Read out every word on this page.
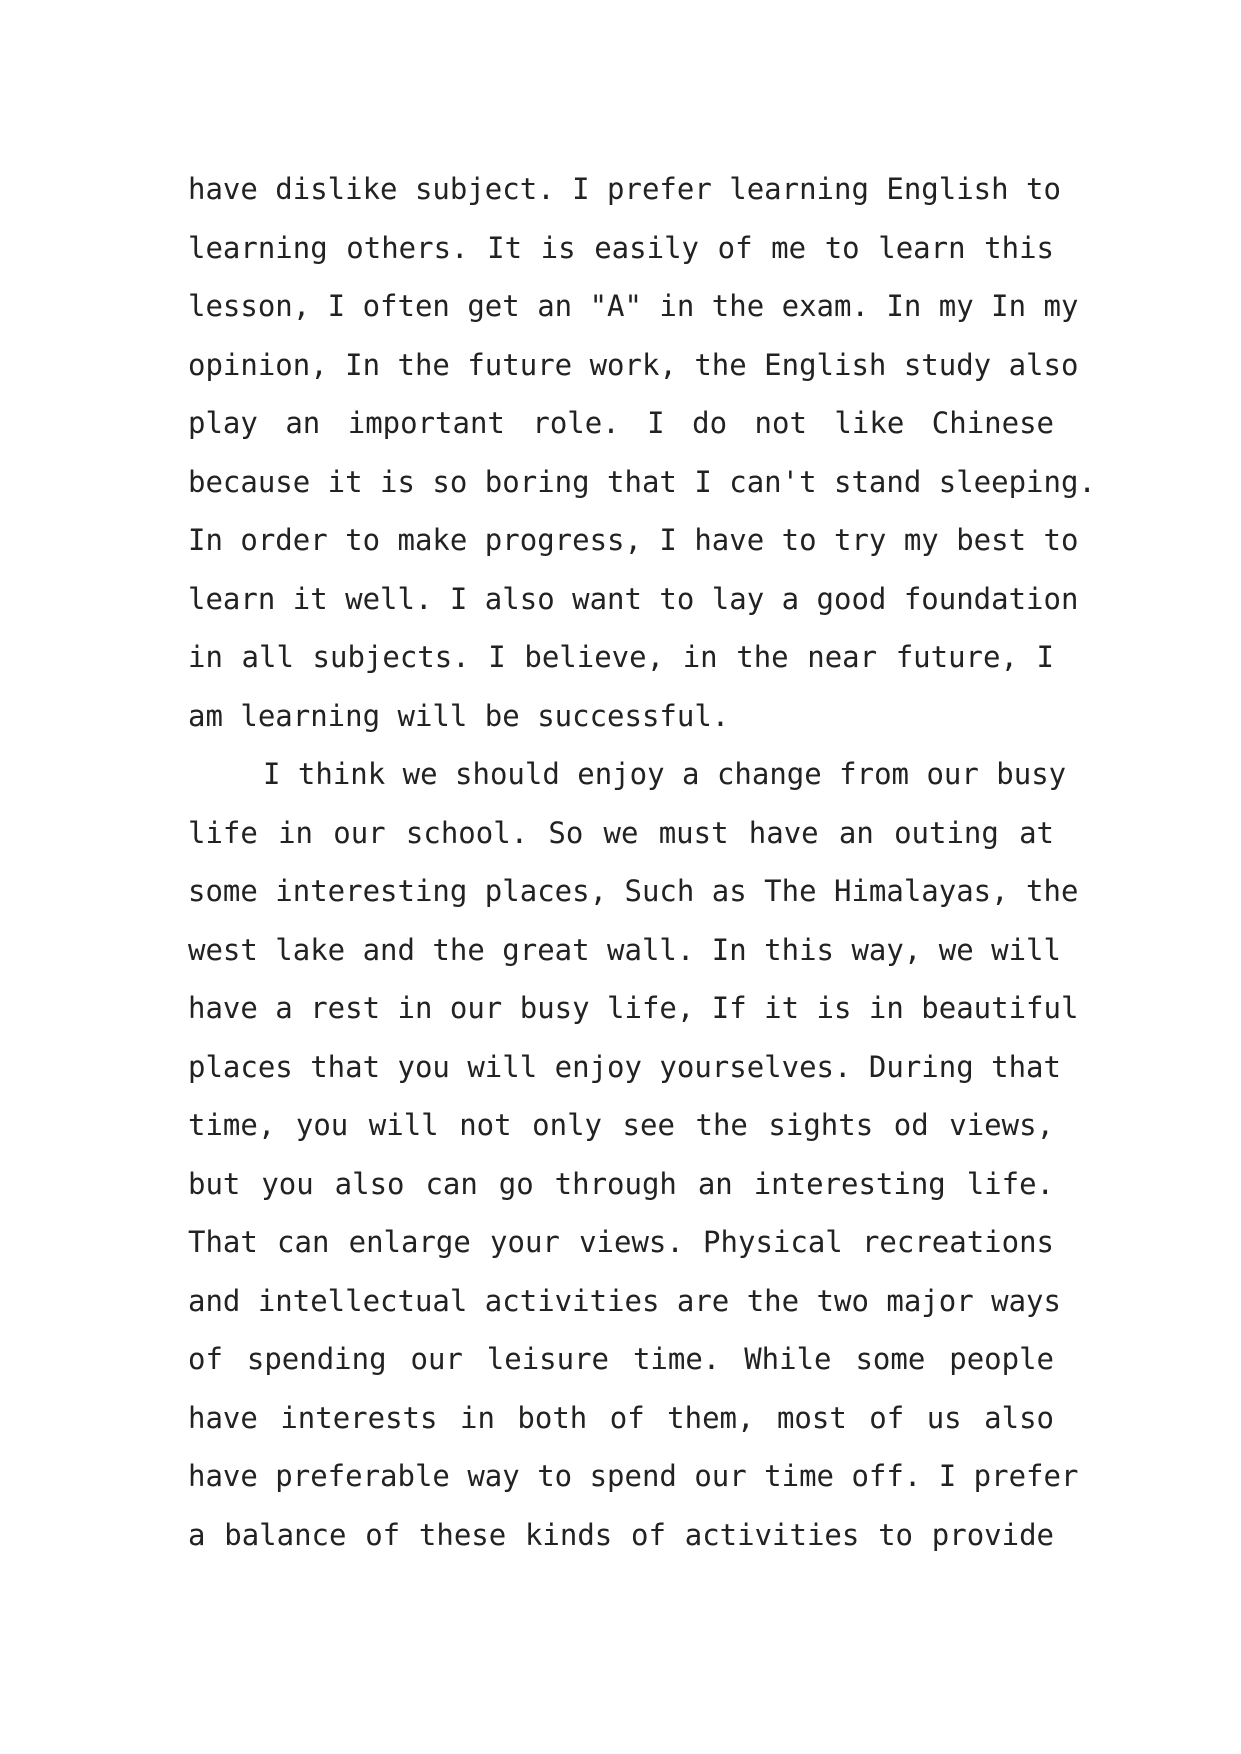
have dislike subject. I prefer learning English to
learning others. It is easily of me to learn this
lesson, I often get an "A" in the exam. In my In my
opinion, In the future work, the English study also
play an important role. I do not like Chinese
because it is so boring that I can't stand sleeping.
In order to make progress, I have to try my best to
learn it well. I also want to lay a good foundation
in all subjects. I believe, in the near future, I
am learning will be successful.
I think we should enjoy a change from our busy
life in our school. So we must have an outing at
some interesting places, Such as The Himalayas, the
west lake and the great wall. In this way, we will
have a rest in our busy life, If it is in beautiful
places that you will enjoy yourselves. During that
time, you will not only see the sights od views,
but you also can go through an interesting life.
That can enlarge your views. Physical recreations
and intellectual activities are the two major ways
of spending our leisure time. While some people
have interests in both of them, most of us also
have preferable way to spend our time off. I prefer
a balance of these kinds of activities to provide
